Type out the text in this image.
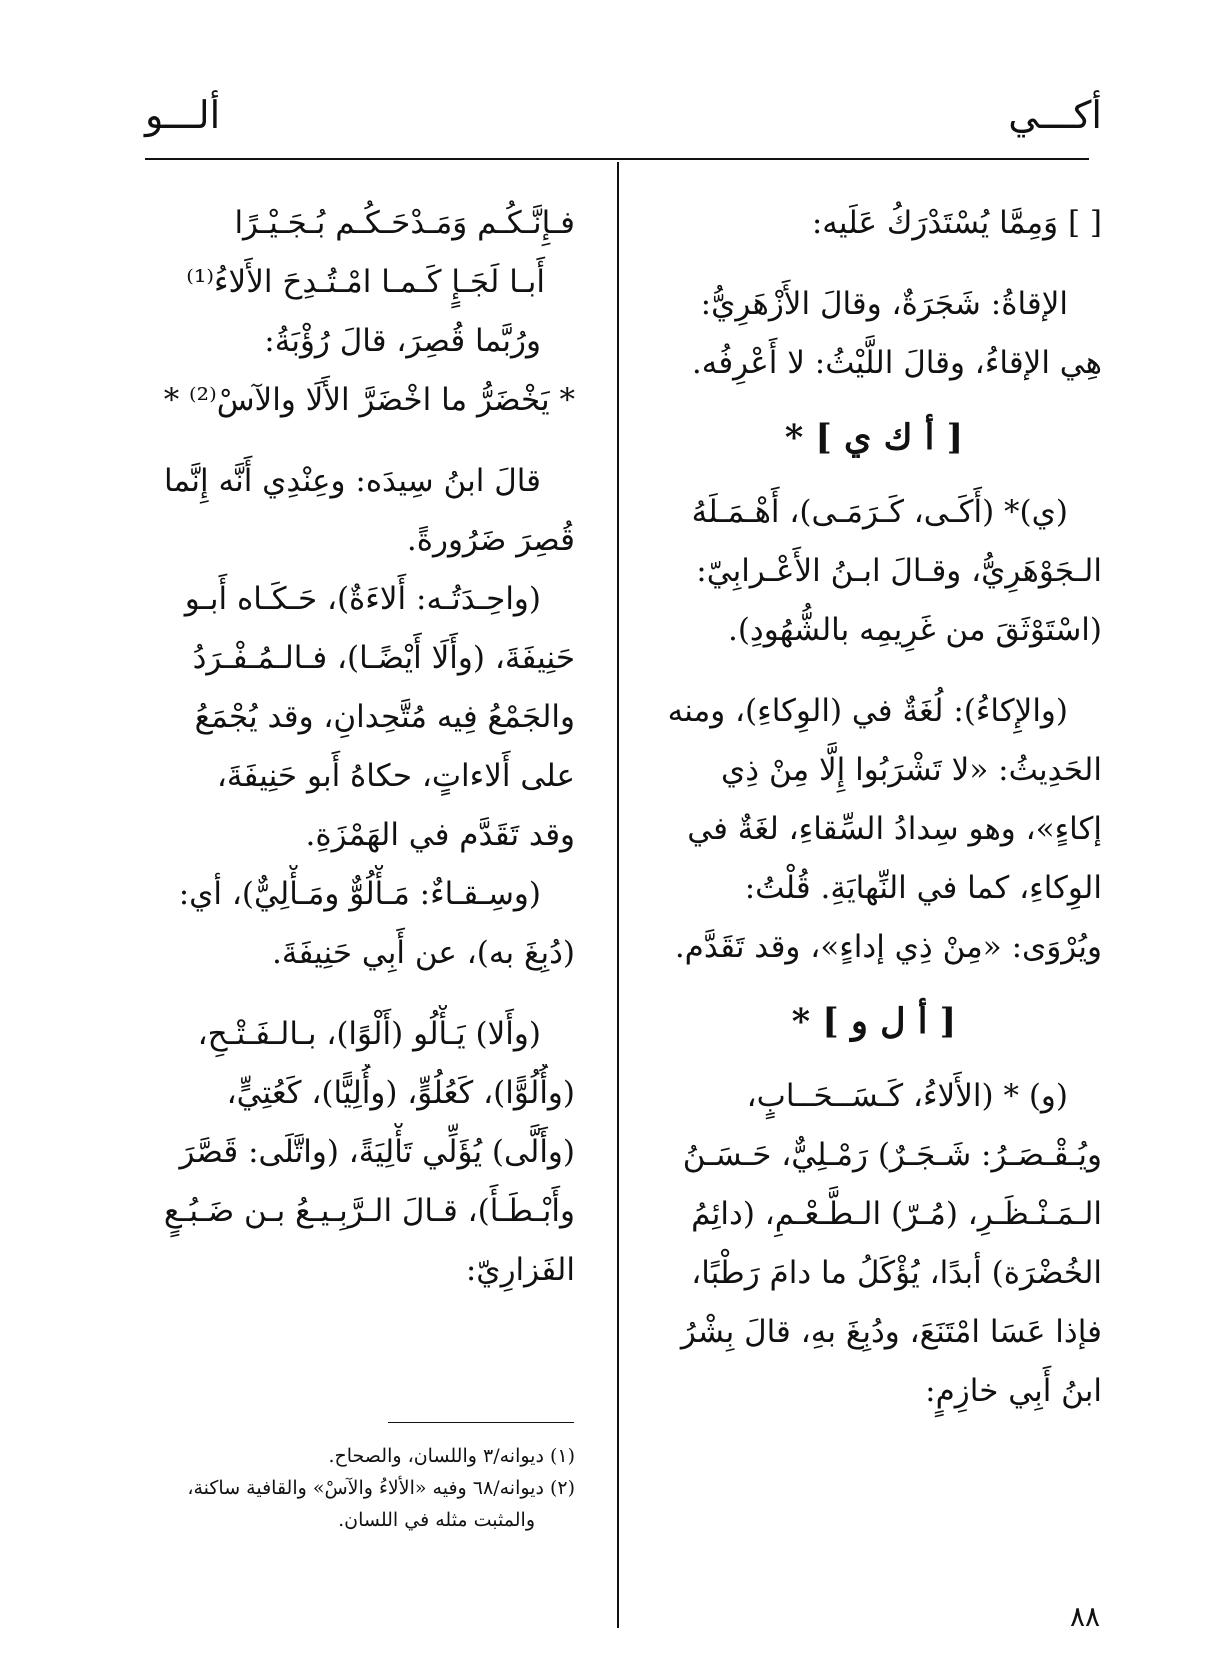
أكـــي
ألـــو

[ ] وَمِمَّا يُسْتَدْرَكُ عَلَيه:

الإقاةُ: شَجَرَةٌ، وقالَ الأَزْهَرِيُّ:

هِي الإقاءُ، وقالَ اللَّيْثُ: لا أَعْرِفُه.

[ أ ك ي ] *

(ي)* (أَكَـى، كَـرَمَـى)، أَهْـمَـلَهُ

الـجَوْهَرِيُّ، وقـالَ ابـنُ الأَعْـرابِيّ:

(اسْتَوْثَقَ من غَرِيمِه بالشُّهُودِ).

(والإِكاءُ): لُغَةٌ في (الوِكاءِ)، ومنه

الحَدِيثُ: «لا تَشْرَبُوا إِلَّا مِنْ ذِي

إكاءٍ»، وهو سِدادُ السِّقاءِ، لغَةٌ في

الوِكاءِ، كما في النِّهايَةِ. قُلْتُ:

ويُرْوَى: «مِنْ ذِي إداءٍ»، وقد تَقَدَّم.

[ أ ل و ] *

(و) * (الأَلاءُ، كَـسَــحَــابٍ،

ويُـقْـصَـرُ: شَـجَـرٌ) رَمْـلِيٌّ، حَـسَـنُ

الـمَـنْـظَـرِ، (مُـرّ) الـطَّـعْـمِ، (دائِمُ

الخُضْرَة) أبدًا، يُؤْكَلُ ما دامَ رَطْبًا،

فإذا عَسَا امْتَنَعَ، ودُبِغَ بهِ، قالَ بِشْرُ

ابنُ أَبِي خازِمٍ:

فـإِنَّـكُـم وَمَـدْحَـكُـم بُـجَـيْـرًا

أَبـا لَجَـإٍ كَـمـا امْـتُـدِحَ الأَلاءُ⁽¹⁾

ورُبَّما قُصِرَ، قالَ رُؤْبَةُ:

* يَخْضَرُّ ما اخْضَرَّ الأَلَا والآسْ⁽²⁾ *

قالَ ابنُ سِيدَه: وعِنْدِي أَنَّه إِنَّما

قُصِرَ ضَرُورةً.

(واحِـدَتُـه: أَلاءَةٌ)، حَـكَـاه أَبـو

حَنِيفَةَ، (وأَلَا أَيْضًـا)، فـالـمُـفْـرَدُ

والجَمْعُ فِيه مُتَّحِدانِ، وقد يُجْمَعُ

على أَلاءاتٍ، حكاهُ أَبو حَنِيفَةَ،

وقد تَقَدَّم في الهَمْزَةِ.

(وسِـقـاءٌ: مَـأْلُوٌّ ومَـأْلِيٌّ)، أي:

(دُبِغَ به)، عن أَبِي حَنِيفَةَ.

(وأَلا) يَـأْلُو (أَلْوًا)، بـالـفَـتْـحِ،

(وأُلُوًّا)، كَعُلُوٍّ، (وأُلِيًّا)، كَعُتِيٍّ،

(وأَلَّى) يُؤَلِّي تَأْلِيَةً، (واتَّلَى: قَصَّرَ

وأَبْـطَـأَ)، قـالَ الـرَّبِـيـعُ بـن ضَـبُـعٍ

الفَزارِيّ:

(١) ديوانه/٣ واللسان، والصحاح.
(٢) ديوانه/٦٨ وفيه «الألاءُ والآسْ» والقافية ساكنة،
والمثبت مثله في اللسان.
٨٨
